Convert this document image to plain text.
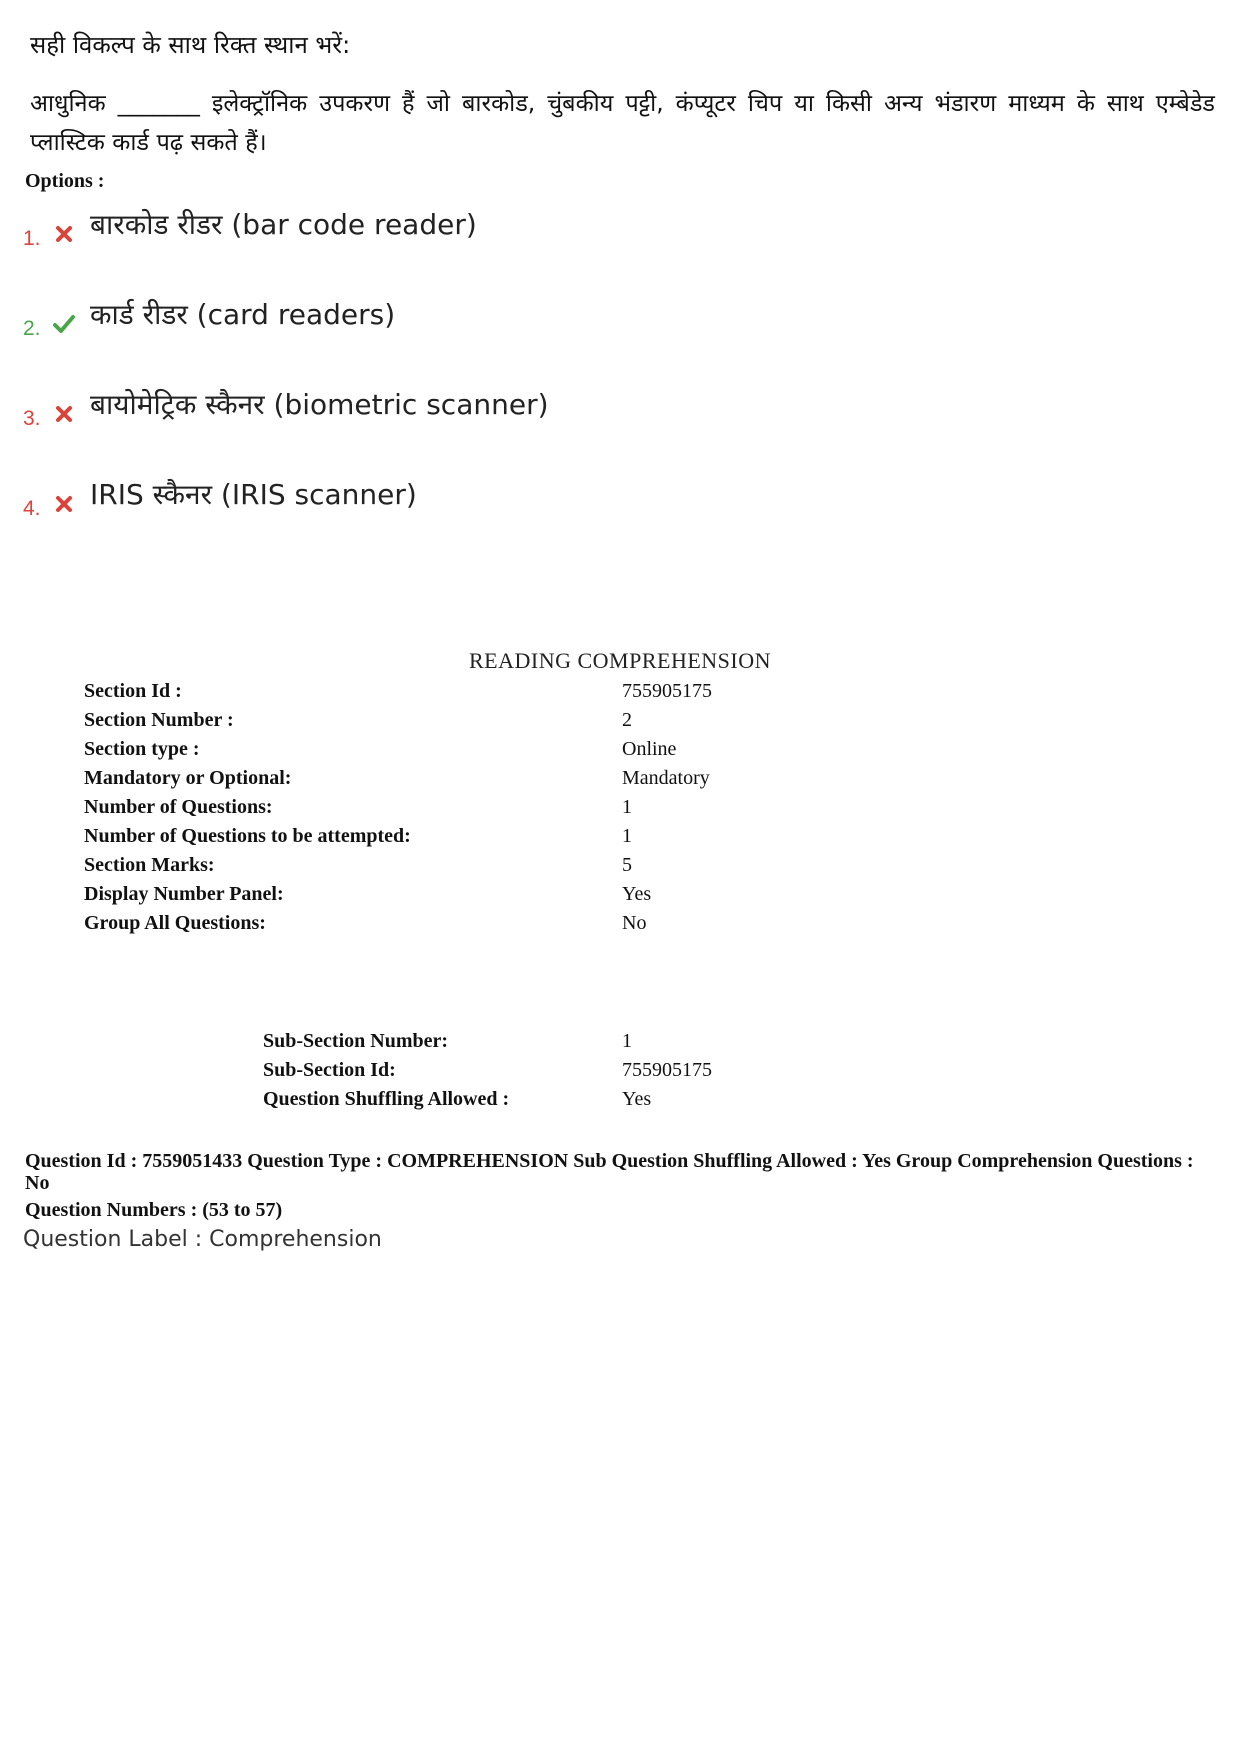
सही विकल्प के साथ रिक्त स्थान भरें:
आधुनिक _______ इलेक्ट्रॉनिक उपकरण हैं जो बारकोड, चुंबकीय पट्टी, कंप्यूटर चिप या किसी अन्य भंडारण माध्यम के साथ एम्बेडेड प्लास्टिक कार्ड पढ़ सकते हैं।
Options :
1. बारकोड रीडर (bar code reader)
2. कार्ड रीडर (card readers)
3. बायोमेट्रिक स्कैनर (biometric scanner)
4. IRIS स्कैनर (IRIS scanner)
READING COMPREHENSION
Section Id :	755905175
Section Number :	2
Section type :	Online
Mandatory or Optional:	Mandatory
Number of Questions:	1
Number of Questions to be attempted:	1
Section Marks:	5
Display Number Panel:	Yes
Group All Questions:	No
Sub-Section Number:	1
Sub-Section Id:	755905175
Question Shuffling Allowed :	Yes
Question Id : 7559051433 Question Type : COMPREHENSION Sub Question Shuffling Allowed : Yes Group Comprehension Questions : No
Question Numbers : (53 to 57)
Question Label : Comprehension
